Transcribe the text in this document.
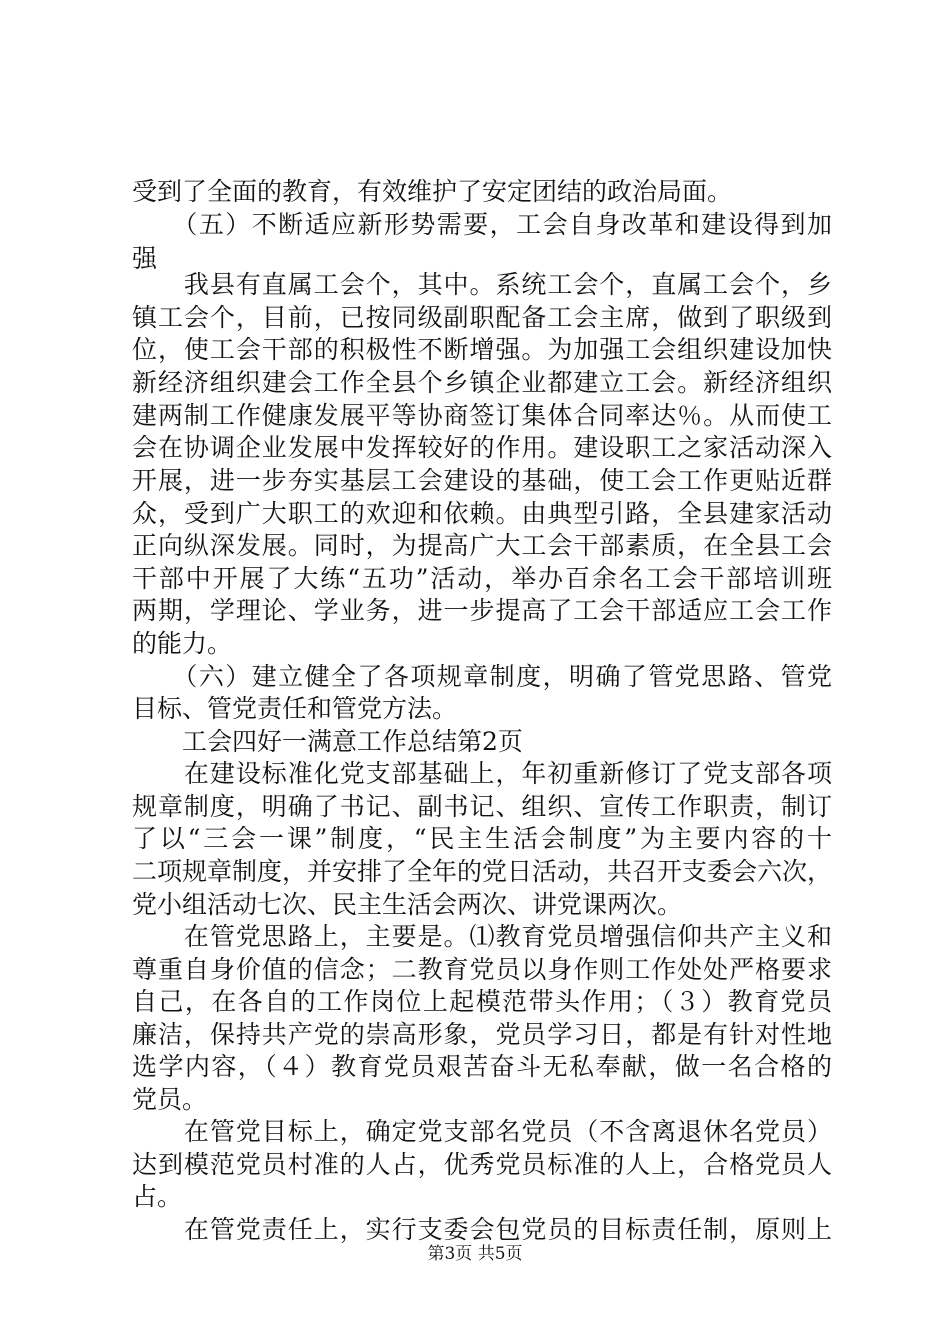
受到了全面的教育，有效维护了安定团结的政治局面。
　　（五）不断适应新形势需要，工会自身改革和建设得到加
强
　　我县有直属工会个，其中。系统工会个，直属工会个，乡
镇工会个，目前，已按同级副职配备工会主席，做到了职级到
位，使工会干部的积极性不断增强。为加强工会组织建设加快
新经济组织建会工作全县个乡镇企业都建立工会。新经济组织
建两制工作健康发展平等协商签订集体合同率达％。从而使工
会在协调企业发展中发挥较好的作用。建设职工之家活动深入
开展，进一步夯实基层工会建设的基础，使工会工作更贴近群
众，受到广大职工的欢迎和依赖。由典型引路，全县建家活动
正向纵深发展。同时，为提高广大工会干部素质，在全县工会
干部中开展了大练“五功”活动，举办百余名工会干部培训班
两期，学理论、学业务，进一步提高了工会干部适应工会工作
的能力。
　　（六）建立健全了各项规章制度，明确了管党思路、管党
目标、管党责任和管党方法。
　　工会四好一满意工作总结第2页
　　在建设标准化党支部基础上，年初重新修订了党支部各项
规章制度，明确了书记、副书记、组织、宣传工作职责，制订
了以“三会一课”制度，“民主生活会制度”为主要内容的十
二项规章制度，并安排了全年的党日活动，共召开支委会六次，
党小组活动七次、民主生活会两次、讲党课两次。
　　在管党思路上，主要是。⑴教育党员增强信仰共产主义和
尊重自身价值的信念；二教育党员以身作则工作处处严格要求
自己，在各自的工作岗位上起模范带头作用；（３）教育党员
廉洁，保持共产党的崇高形象，党员学习日，都是有针对性地
选学内容，（４）教育党员艰苦奋斗无私奉献，做一名合格的
党员。
　　在管党目标上，确定党支部名党员（不含离退休名党员）
达到模范党员村准的人占，优秀党员标准的人上，合格党员人
占。
　　在管党责任上，实行支委会包党员的目标责任制，原则上
第3页 共5页
